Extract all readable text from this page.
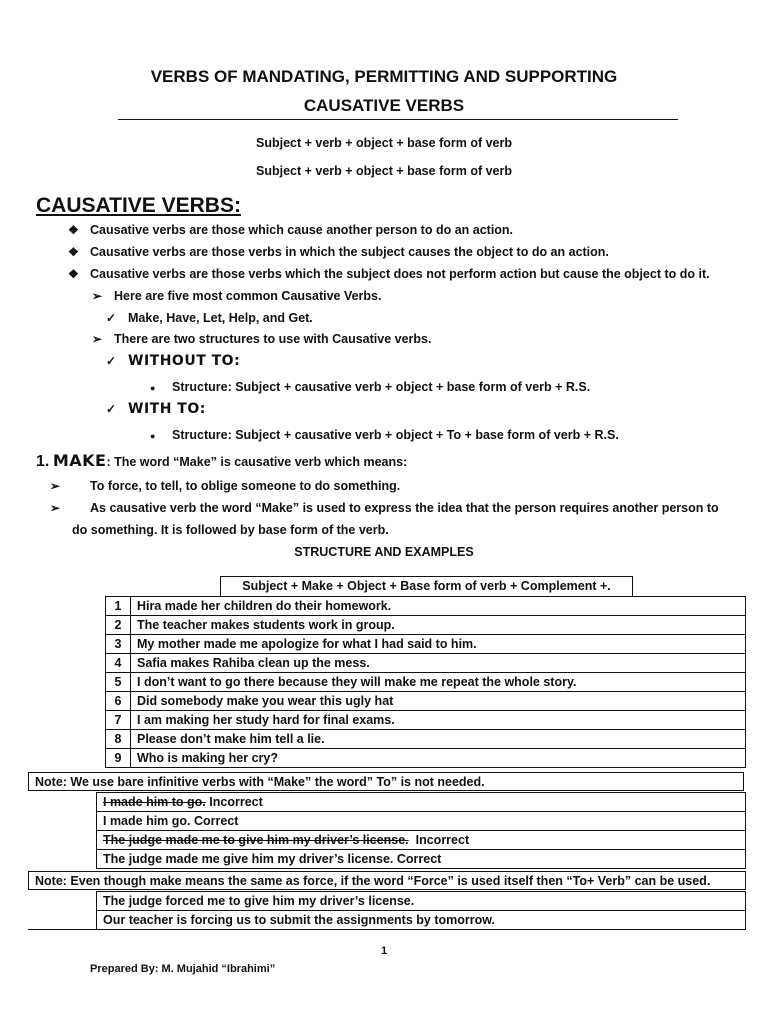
VERBS OF MANDATING, PERMITTING AND SUPPORTING
CAUSATIVE VERBS
Subject + verb + object + base form of verb
Subject + verb + object + base form of verb
CAUSATIVE VERBS:
❖ Causative verbs are those which cause another person to do an action.
❖ Causative verbs are those verbs in which the subject causes the object to do an action.
❖ Causative verbs are those verbs which the subject does not perform action but cause the object to do it.
➢ Here are five most common Causative Verbs.
✓ Make, Have, Let, Help, and Get.
➢ There are two structures to use with Causative verbs.
✓ WITHOUT TO:
● Structure: Subject + causative verb + object + base form of verb + R.S.
✓ WITH TO:
● Structure: Subject + causative verb + object + To + base form of verb + R.S.
1. MAKE: The word “Make” is causative verb which means:
➢ To force, to tell, to oblige someone to do something.
➢ As causative verb the word “Make” is used to express the idea that the person requires another person to
do something. It is followed by base form of the verb.
STRUCTURE AND EXAMPLES
Subject + Make + Object + Base form of verb + Complement +.
1	Hira made her children do their homework.
2	The teacher makes students work in group.
3	My mother made me apologize for what I had said to him.
4	Safia makes Rahiba clean up the mess.
5	I don’t want to go there because they will make me repeat the whole story.
6	Did somebody make you wear this ugly hat
7	I am making her study hard for final exams.
8	Please don’t make him tell a lie.
9	Who is making her cry?
Note: We use bare infinitive verbs with “Make” the word” To” is not needed.
I made him to go. Incorrect
I made him go. Correct
The judge made me to give him my driver’s license.  Incorrect
The judge made me give him my driver’s license. Correct
Note: Even though make means the same as force, if the word “Force” is used itself then “To+ Verb” can be used.
The judge forced me to give him my driver’s license.
Our teacher is forcing us to submit the assignments by tomorrow.
1
Prepared By: M. Mujahid “Ibrahimi”
